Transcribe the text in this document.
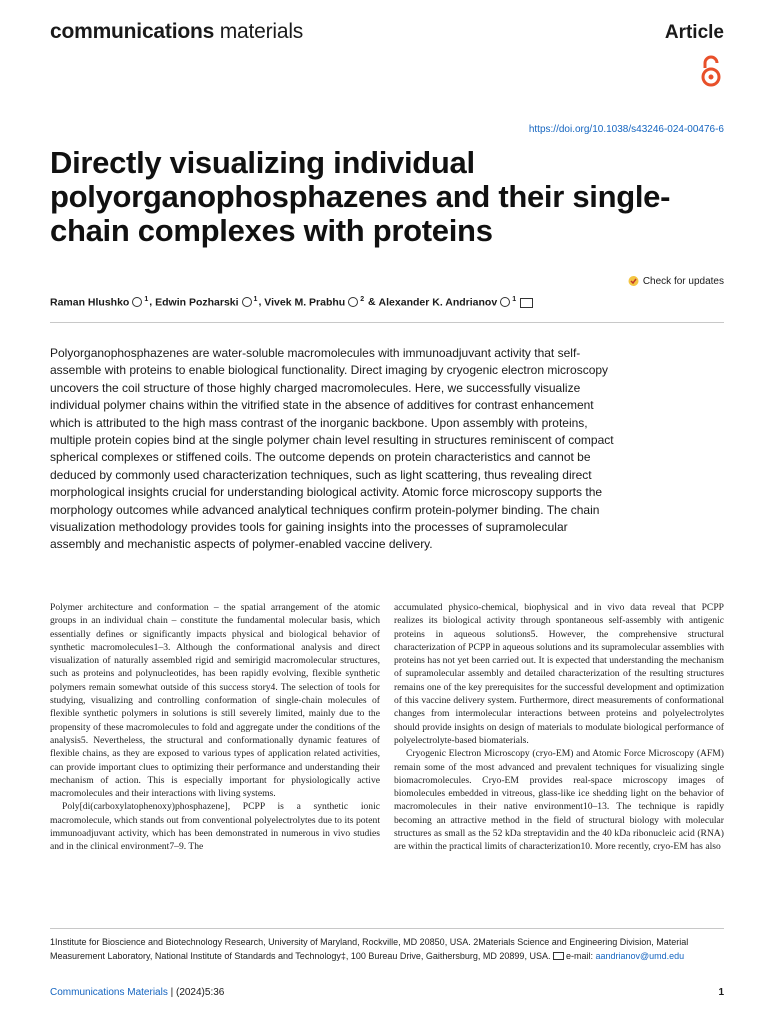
communications materials	Article
https://doi.org/10.1038/s43246-024-00476-6
Directly visualizing individual polyorganophosphazenes and their single-chain complexes with proteins
Check for updates
Raman Hlushko $^1$ , Edwin Pozharski $^1$ , Vivek M. Prabhu $^2$ & Alexander K. Andrianov $^1$
Polyorganophosphazenes are water-soluble macromolecules with immunoadjuvant activity that self-assemble with proteins to enable biological functionality. Direct imaging by cryogenic electron microscopy uncovers the coil structure of those highly charged macromolecules. Here, we successfully visualize individual polymer chains within the vitrified state in the absence of additives for contrast enhancement which is attributed to the high mass contrast of the inorganic backbone. Upon assembly with proteins, multiple protein copies bind at the single polymer chain level resulting in structures reminiscent of compact spherical complexes or stiffened coils. The outcome depends on protein characteristics and cannot be deduced by commonly used characterization techniques, such as light scattering, thus revealing direct morphological insights crucial for understanding biological activity. Atomic force microscopy supports the morphology outcomes while advanced analytical techniques confirm protein-polymer binding. The chain visualization methodology provides tools for gaining insights into the processes of supramolecular assembly and mechanistic aspects of polymer-enabled vaccine delivery.

Polymer architecture and conformation – the spatial arrangement of the atomic groups in an individual chain – constitute the fundamental molecular basis, which essentially defines or significantly impacts physical and biological behavior of synthetic macromolecules1–3. Although the conformational analysis and direct visualization of naturally assembled rigid and semirigid macromolecular structures, such as proteins and polynucleotides, has been rapidly evolving, flexible synthetic polymers remain somewhat outside of this success story4. The selection of tools for studying, visualizing and controlling conformation of single-chain molecules of flexible synthetic polymers in solutions is still severely limited, mainly due to the propensity of these macromolecules to fold and aggregate under the conditions of the analysis5. Nevertheless, the structural and conformationally dynamic features of flexible chains, as they are exposed to various types of application related activities, can provide important clues to optimizing their performance and understanding their mechanism of action. This is especially important for physiologically active macromolecules and their interactions with living systems.

Poly[di(carboxylatophenoxy)phosphazene], PCPP is a synthetic ionic macromolecule, which stands out from conventional polyelectrolytes due to its potent immunoadjuvant activity, which has been demonstrated in numerous in vivo studies and in the clinical environment7–9. The

accumulated physico-chemical, biophysical and in vivo data reveal that PCPP realizes its biological activity through spontaneous self-assembly with antigenic proteins in aqueous solutions5. However, the comprehensive structural characterization of PCPP in aqueous solutions and its supramolecular assemblies with proteins has not yet been carried out. It is expected that understanding the mechanism of supramolecular assembly and detailed characterization of the resulting structures remains one of the key prerequisites for the successful development and optimization of this vaccine delivery system. Furthermore, direct measurements of conformational changes from intermolecular interactions between proteins and polyelectrolytes should provide insights on design of materials to modulate biological performance of polyelectrolyte-based biomaterials.

Cryogenic Electron Microscopy (cryo-EM) and Atomic Force Microscopy (AFM) remain some of the most advanced and prevalent techniques for visualizing single biomacromolecules. Cryo-EM provides real-space microscopy images of biomolecules embedded in vitreous, glass-like ice shedding light on the behavior of macromolecules in their native environment10–13. The technique is rapidly becoming an attractive method in the field of structural biology with molecular structures as small as the 52 kDa streptavidin and the 40 kDa ribonucleic acid (RNA) are within the practical limits of characterization10. More recently, cryo-EM has also

1Institute for Bioscience and Biotechnology Research, University of Maryland, Rockville, MD 20850, USA. 2Materials Science and Engineering Division, Material Measurement Laboratory, National Institute of Standards and Technology‡, 100 Bureau Drive, Gaithersburg, MD 20899, USA. e-mail: aandrianov@umd.edu
Communications Materials | (2024)5:36	1
